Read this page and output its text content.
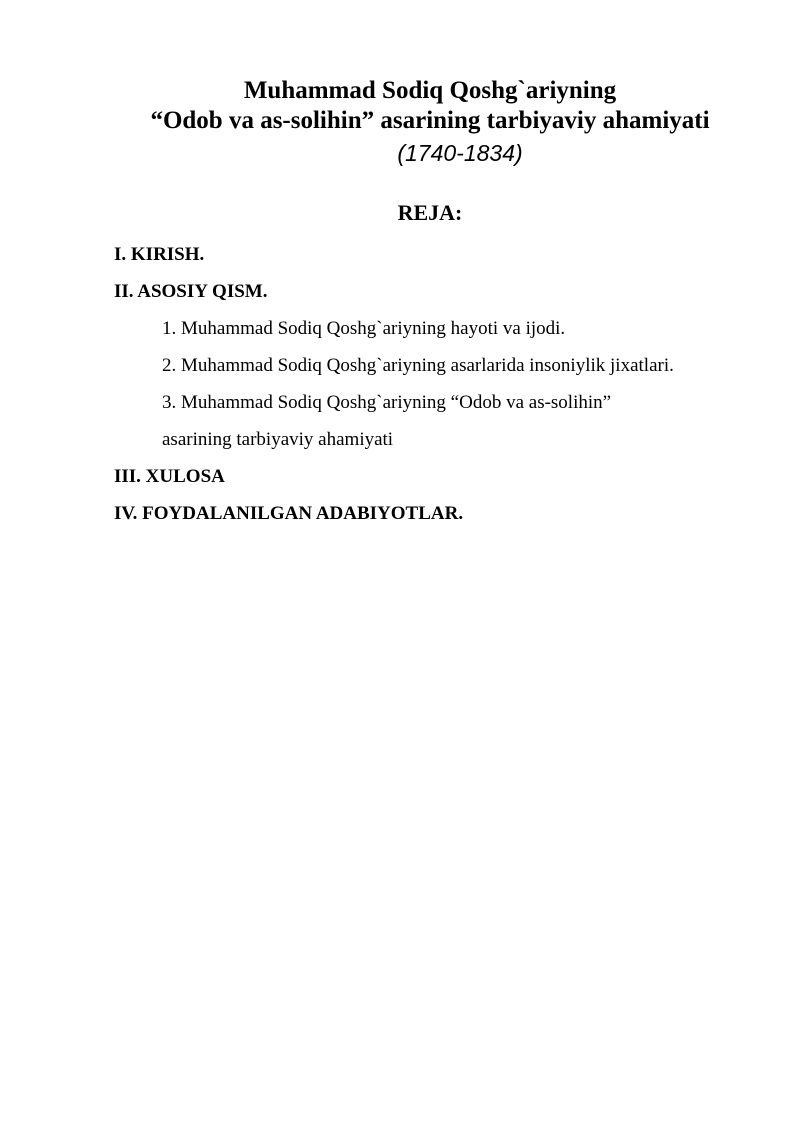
Muhammad Sodiq Qoshg`ariyning
“Odob va as-solihin” asarining tarbiyaviy ahamiyati
(1740-1834)
REJA:
I. KIRISH.
II. ASOSIY QISM.
1. Muhammad Sodiq Qoshg`ariyning hayoti va ijodi.
2. Muhammad Sodiq Qoshg`ariyning asarlarida insoniylik jixatlari.
3. Muhammad Sodiq Qoshg`ariyning “Odob va as-solihin”
asarining tarbiyaviy ahamiyati
III. XULOSA
IV. FOYDALANILGAN ADABIYOTLAR.
